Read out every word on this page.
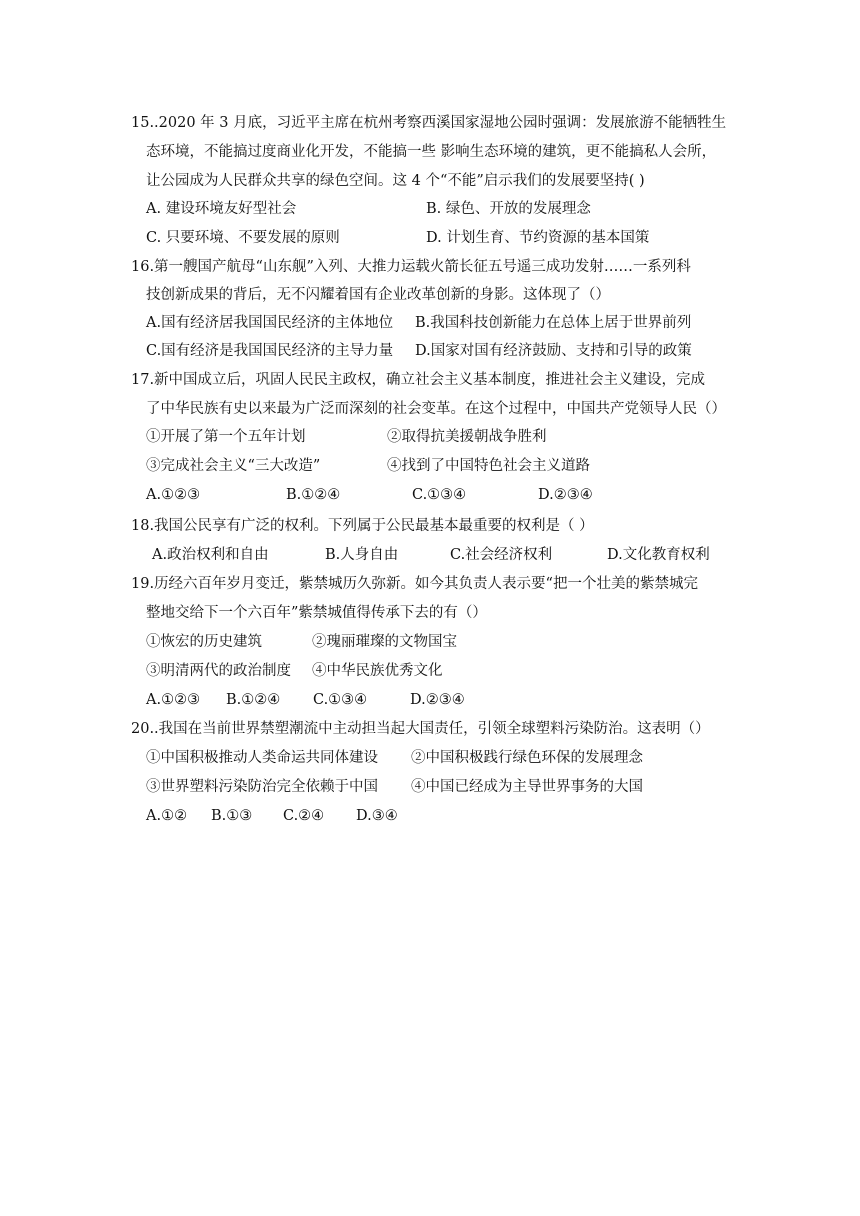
15..2020 年 3 月底，习近平主席在杭州考察西溪国家湿地公园时强调：发展旅游不能牺牲生
态环境，不能搞过度商业化开发，不能搞一些 影响生态环境的建筑，更不能搞私人会所，
让公园成为人民群众共享的绿色空间。这 4 个“不能”启示我们的发展要坚持( )
A. 建设环境友好型社会	B. 绿色、开放的发展理念
C. 只要环境、不要发展的原则	D. 计划生育、节约资源的基本国策
16.第一艘国产航母“山东舰”入列、大推力运载火箭长征五号遥三成功发射……一系列科
技创新成果的背后，无不闪耀着国有企业改革创新的身影。这体现了（）
A.国有经济居我国国民经济的主体地位 B.我国科技创新能力在总体上居于世界前列
C.国有经济是我国国民经济的主导力量 D.国家对国有经济鼓励、支持和引导的政策
17.新中国成立后，巩固人民民主政权，确立社会主义基本制度，推进社会主义建设，完成
了中华民族有史以来最为广泛而深刻的社会变革。在这个过程中，中国共产党领导人民（）
①开展了第一个五年计划	②取得抗美援朝战争胜利
③完成社会主义“三大改造”	④找到了中国特色社会主义道路
A.①②③	B.①②④	C.①③④	D.②③④
18.我国公民享有广泛的权利。下列属于公民最基本最重要的权利是（ ）
A.政治权利和自由	B.人身自由	C.社会经济权利	D.文化教育权利
19.历经六百年岁月变迁，紫禁城历久弥新。如今其负责人表示要“把一个壮美的紫禁城完
整地交给下一个六百年”紫禁城值得传承下去的有（）
①恢宏的历史建筑	②瑰丽璀璨的文物国宝
③明清两代的政治制度 ④中华民族优秀文化
A.①②③ B.①②④ C.①③④	D.②③④
20..我国在当前世界禁塑潮流中主动担当起大国责任，引领全球塑料污染防治。这表明（）
①中国积极推动人类命运共同体建设 ②中国积极践行绿色环保的发展理念
③世界塑料污染防治完全依赖于中国 ④中国已经成为主导世界事务的大国
A.①② B.①③ C.②④ D.③④
